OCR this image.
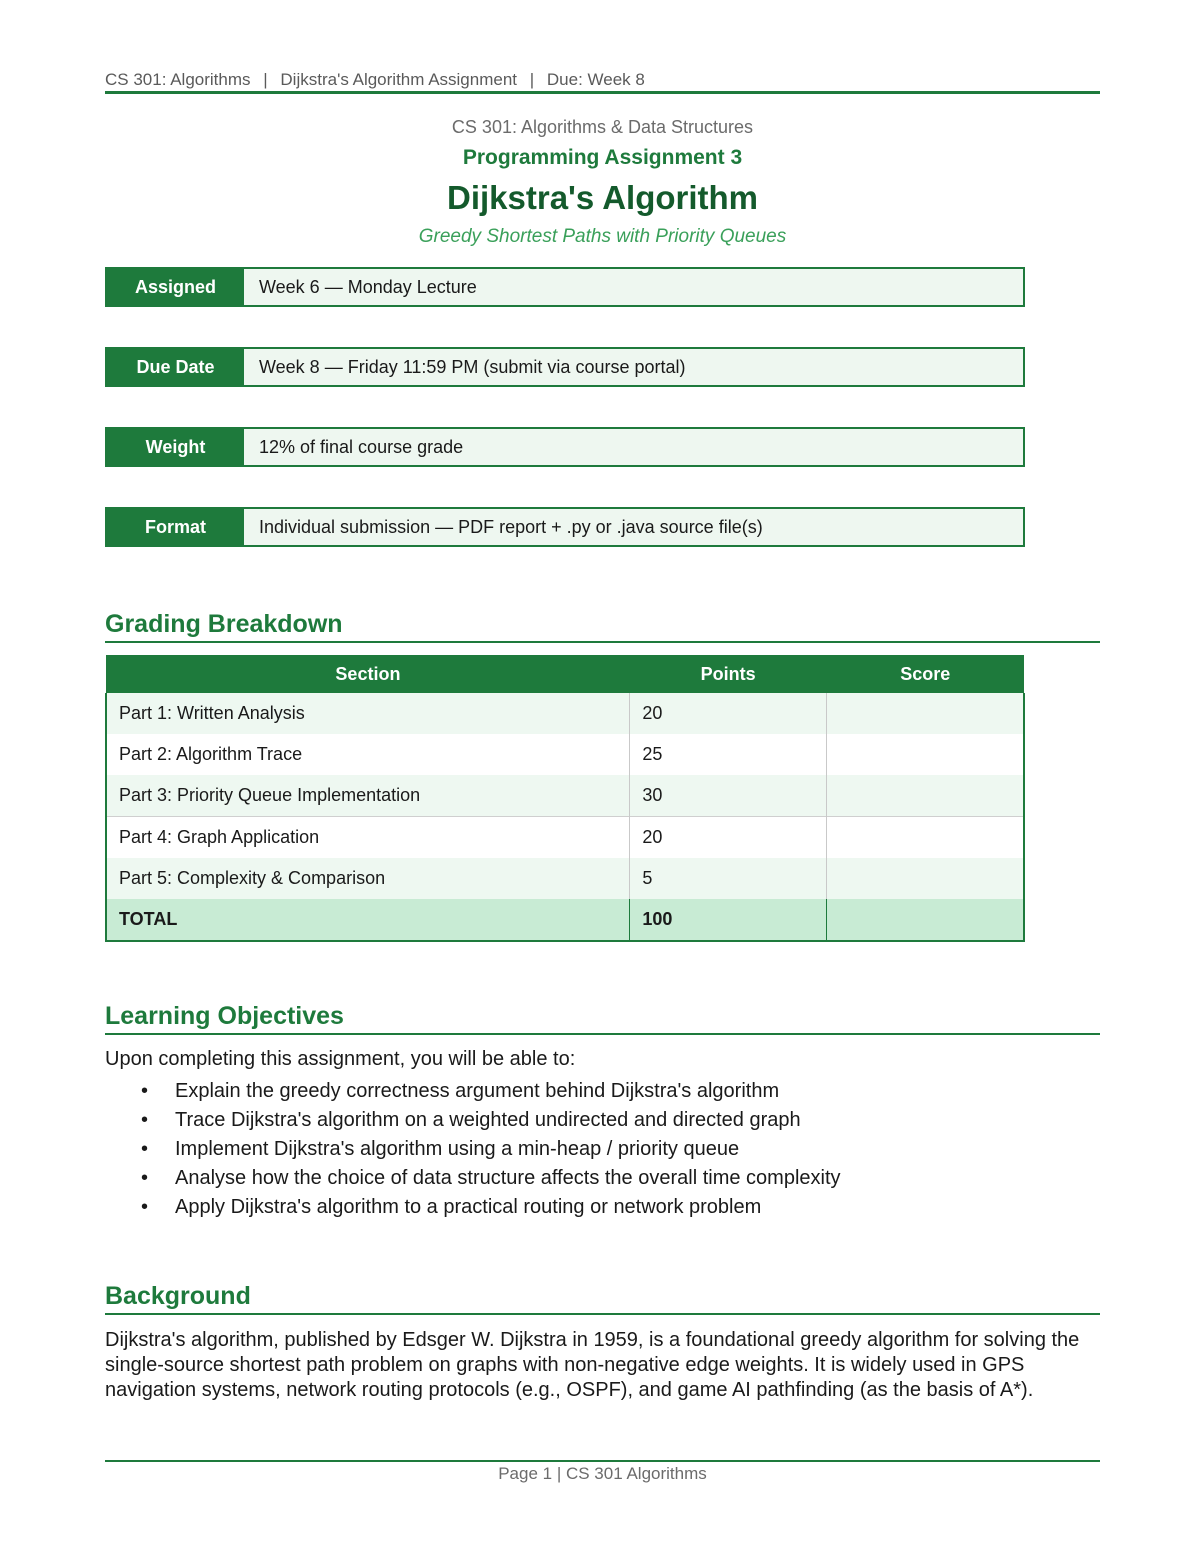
CS 301: Algorithms | Dijkstra's Algorithm Assignment | Due: Week 8
CS 301: Algorithms & Data Structures
Programming Assignment 3
Dijkstra's Algorithm
Greedy Shortest Paths with Priority Queues
Assigned	Week 6 — Monday Lecture
Due Date	Week 8 — Friday 11:59 PM (submit via course portal)
Weight	12% of final course grade
Format	Individual submission — PDF report + .py or .java source file(s)
Grading Breakdown
Section	Points	Score
Part 1: Written Analysis	20	
Part 2: Algorithm Trace	25	
Part 3: Priority Queue Implementation	30	
Part 4: Graph Application	20	
Part 5: Complexity & Comparison	5	
TOTAL	100	
Learning Objectives
Upon completing this assignment, you will be able to:
• Explain the greedy correctness argument behind Dijkstra's algorithm
• Trace Dijkstra's algorithm on a weighted undirected and directed graph
• Implement Dijkstra's algorithm using a min-heap / priority queue
• Analyse how the choice of data structure affects the overall time complexity
• Apply Dijkstra's algorithm to a practical routing or network problem
Background
Dijkstra's algorithm, published by Edsger W. Dijkstra in 1959, is a foundational greedy algorithm for solving the single-source shortest path problem on graphs with non-negative edge weights. It is widely used in GPS navigation systems, network routing protocols (e.g., OSPF), and game AI pathfinding (as the basis of A*).
Page 1 | CS 301 Algorithms
